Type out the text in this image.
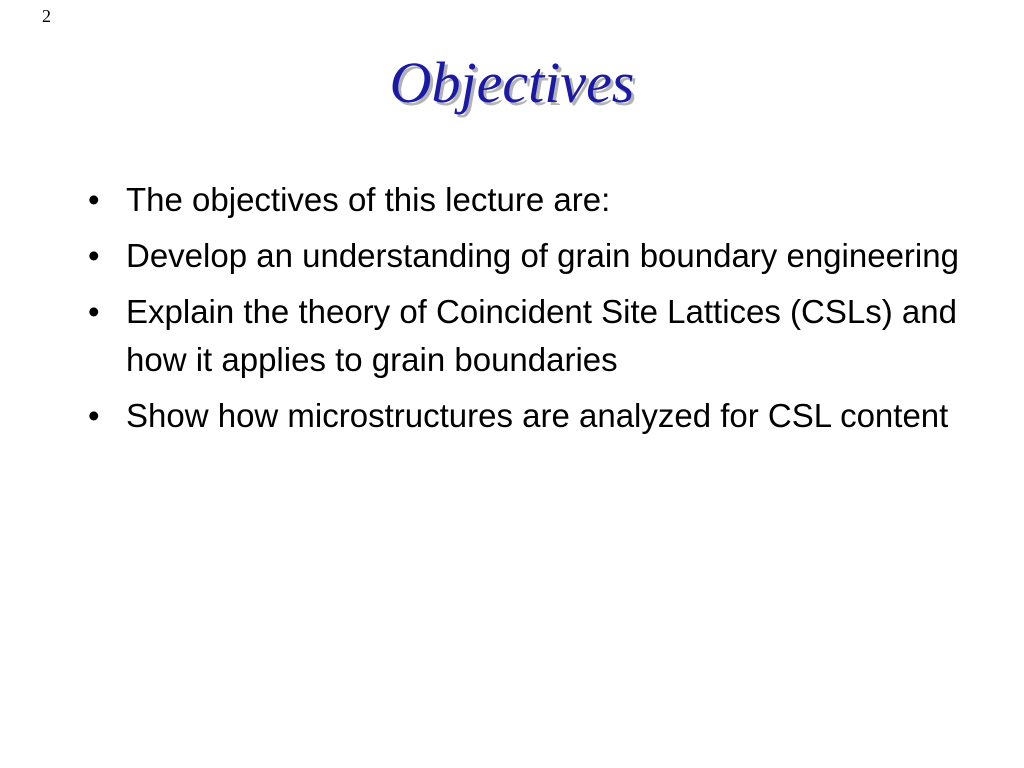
2
Objectives
• The objectives of this lecture are:
• Develop an understanding of grain boundary engineering
• Explain the theory of Coincident Site Lattices (CSLs) and how it applies to grain boundaries
• Show how microstructures are analyzed for CSL content
